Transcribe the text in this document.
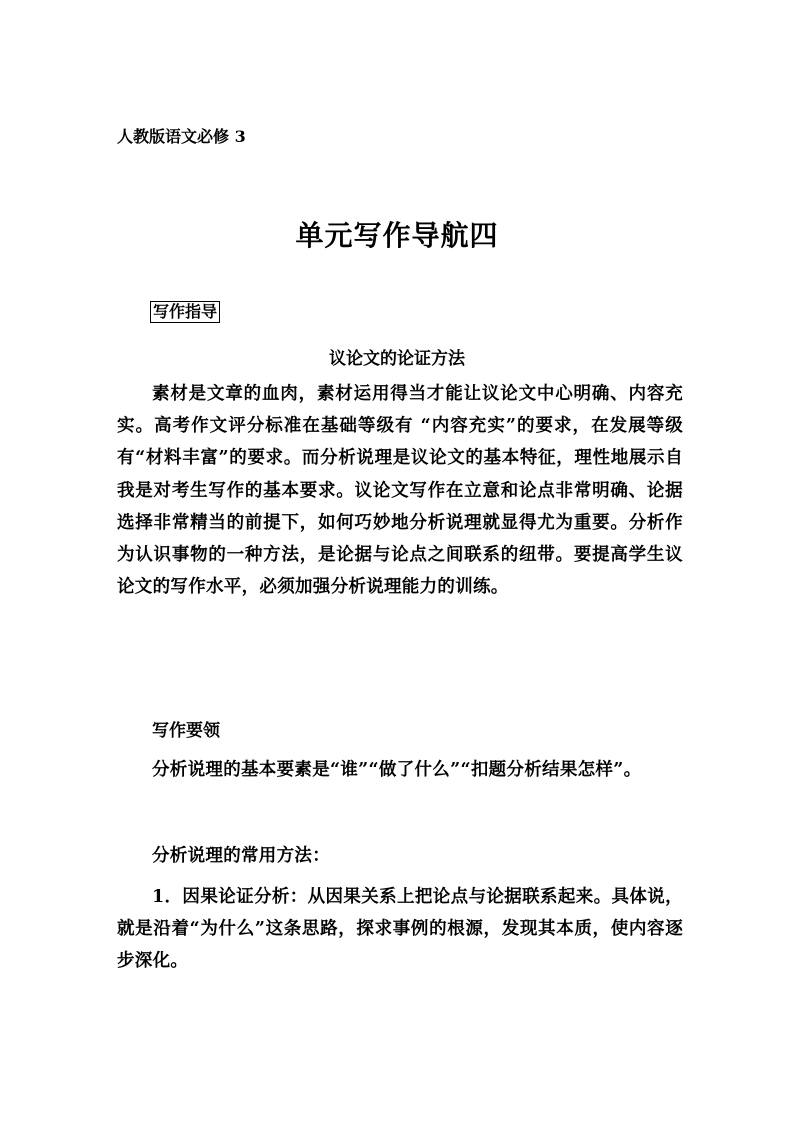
人教版语文必修 3
单元写作导航四
写作指导
议论文的论证方法
素材是文章的血肉，素材运用得当才能让议论文中心明确、内容充实。高考作文评分标准在基础等级有 “内容充实”的要求，在发展等级有“材料丰富”的要求。而分析说理是议论文的基本特征，理性地展示自我是对考生写作的基本要求。议论文写作在立意和论点非常明确、论据选择非常精当的前提下，如何巧妙地分析说理就显得尤为重要。分析作为认识事物的一种方法，是论据与论点之间联系的纽带。要提高学生议论文的写作水平，必须加强分析说理能力的训练。
写作要领
分析说理的基本要素是“谁”“做了什么”“扣题分析结果怎样”。
分析说理的常用方法：
1．因果论证分析：从因果关系上把论点与论据联系起来。具体说，就是沿着“为什么”这条思路，探求事例的根源，发现其本质，使内容逐步深化。
